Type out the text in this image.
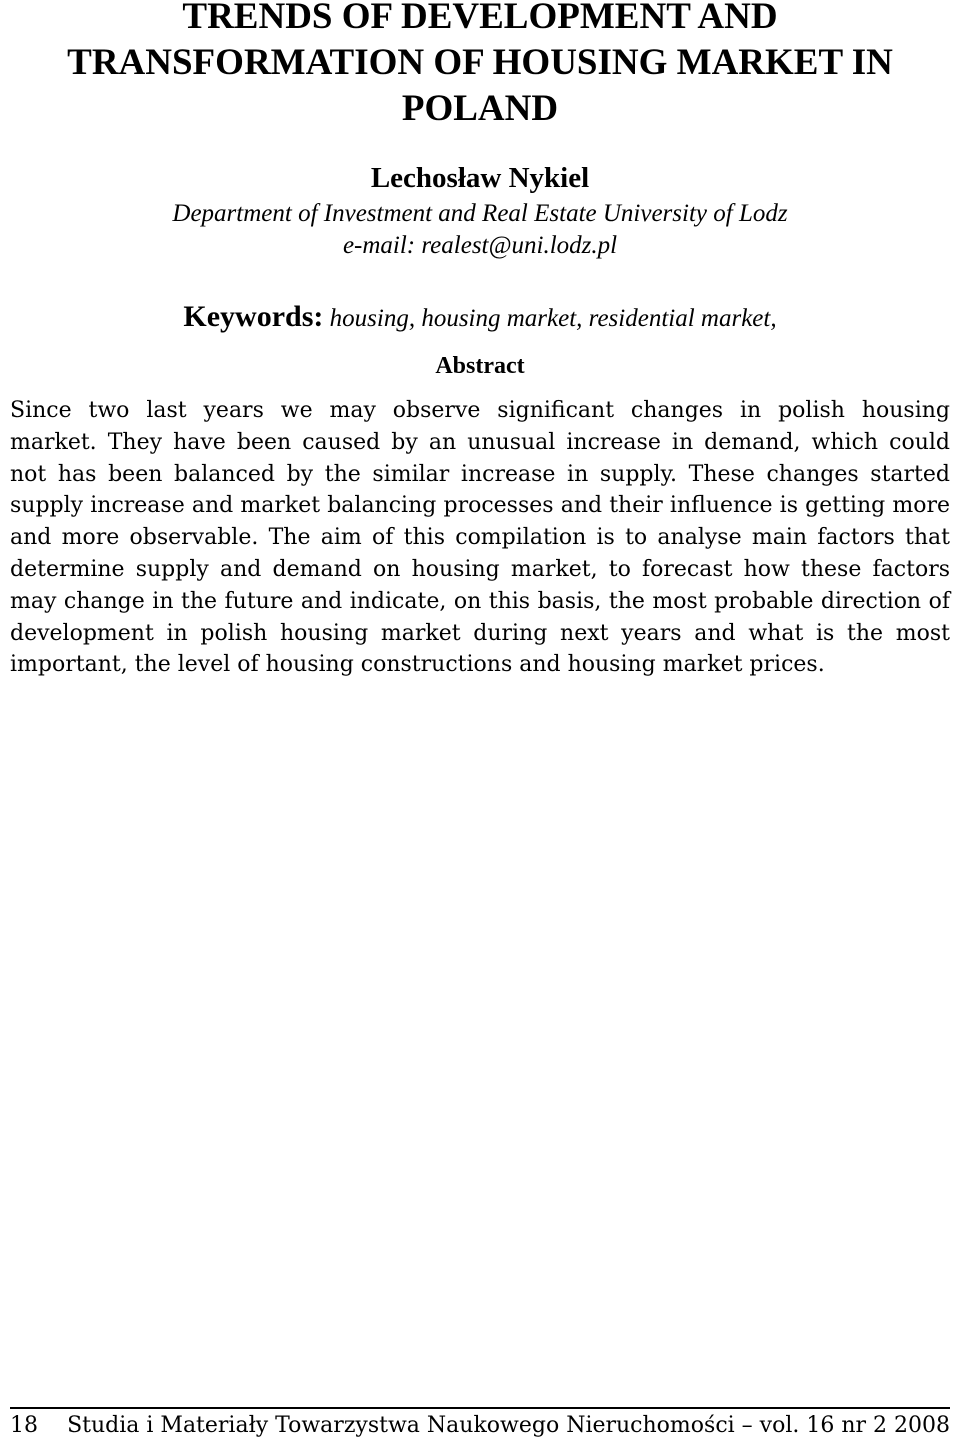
TRENDS OF DEVELOPMENT AND
TRANSFORMATION OF HOUSING MARKET IN
POLAND
Lechosław Nykiel
Department of Investment and Real Estate University of Lodz
e-mail: realest@uni.lodz.pl
Keywords: housing, housing market, residential market,
Abstract
Since two last years we may observe significant changes in polish housing
market. They have been caused by an unusual increase in demand, which could
not has been balanced by the similar increase in supply. These changes started
supply increase and market balancing processes and their influence is getting more
and more observable. The aim of this compilation is to analyse main factors that
determine supply and demand on housing market, to forecast how these factors
may change in the future and indicate, on this basis, the most probable direction of
development in polish housing market during next years and what is the most
important, the level of housing constructions and housing market prices.
18 Studia i Materiały Towarzystwa Naukowego Nieruchomości – vol. 16 nr 2 2008
